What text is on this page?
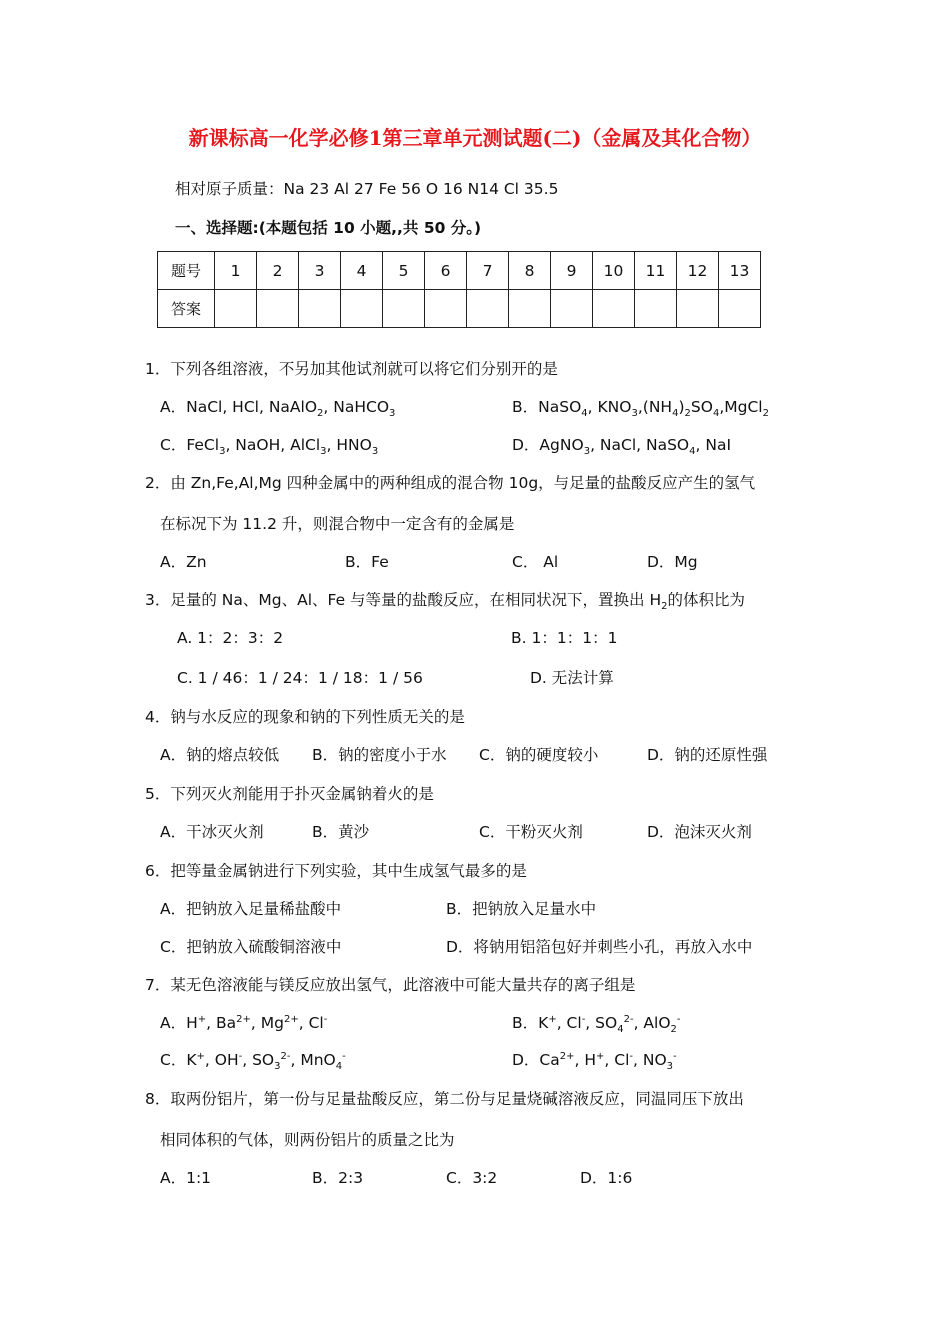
新课标高一化学必修1第三章单元测试题(二)（金属及其化合物）
相对原子质量：Na 23 Al 27 Fe 56 O 16 N14 Cl 35.5
一、选择题:(本题包括 10 小题,,共 50 分。)
题号	1	2	3	4	5	6	7	8	9	10	11	12	13
答案													
1．下列各组溶液，不另加其他试剂就可以将它们分别开的是
A．NaCl, HCl, NaAlO$_2$, NaHCO$_3$	B．NaSO$_4$, $KNO_3,(NH_4)_2SO_4,MgCl_2$
C．FeCl$_3$, NaOH, AlCl$_3$, $HNO_3$	D．AgNO$_3$, NaCl, NaSO$_4$, NaI
2．由 Zn,Fe,Al,Mg 四种金属中的两种组成的混合物 10g，与足量的盐酸反应产生的氢气
在标况下为 11.2 升，则混合物中一定含有的金属是
A．Zn	B．Fe	C． Al	D．Mg
3．足量的 Na、Mg、Al、Fe 与等量的盐酸反应，在相同状况下，置换出 $H_2$的体积比为
A. 1：2：3：2	B. 1：1：1：1
C. 1 / 46：1 / 24：1 / 18：1 / 56	D. 无法计算
4．钠与水反应的现象和钠的下列性质无关的是
A．钠的熔点较低 B．钠的密度小于水 C．钠的硬度较小	D．钠的还原性强
5．下列灭火剂能用于扑灭金属钠着火的是
A．干冰灭火剂	B．黄沙	C．干粉灭火剂	D．泡沫灭火剂
6．把等量金属钠进行下列实验，其中生成氢气最多的是
A．把钠放入足量稀盐酸中	B．把钠放入足量水中
C．把钠放入硫酸铜溶液中	D．将钠用铝箔包好并刺些小孔，再放入水中
7．某无色溶液能与镁反应放出氢气，此溶液中可能大量共存的离子组是
A．H+, $Ba^{2+}$, $Mg^{2+}$, Cl-	B．K+, Cl-, $SO_4^{2-}$, AlO$_2$-
C．K+, OH-, $SO_3^{2-}$, MnO$_4$-	D．$Ca^{2+}$, H+, Cl-, $NO_3^-$
8．取两份铝片，第一份与足量盐酸反应，第二份与足量烧碱溶液反应，同温同压下放出
相同体积的气体，则两份铝片的质量之比为
A．1:1	B．2:3	C．3:2	D．1:6
